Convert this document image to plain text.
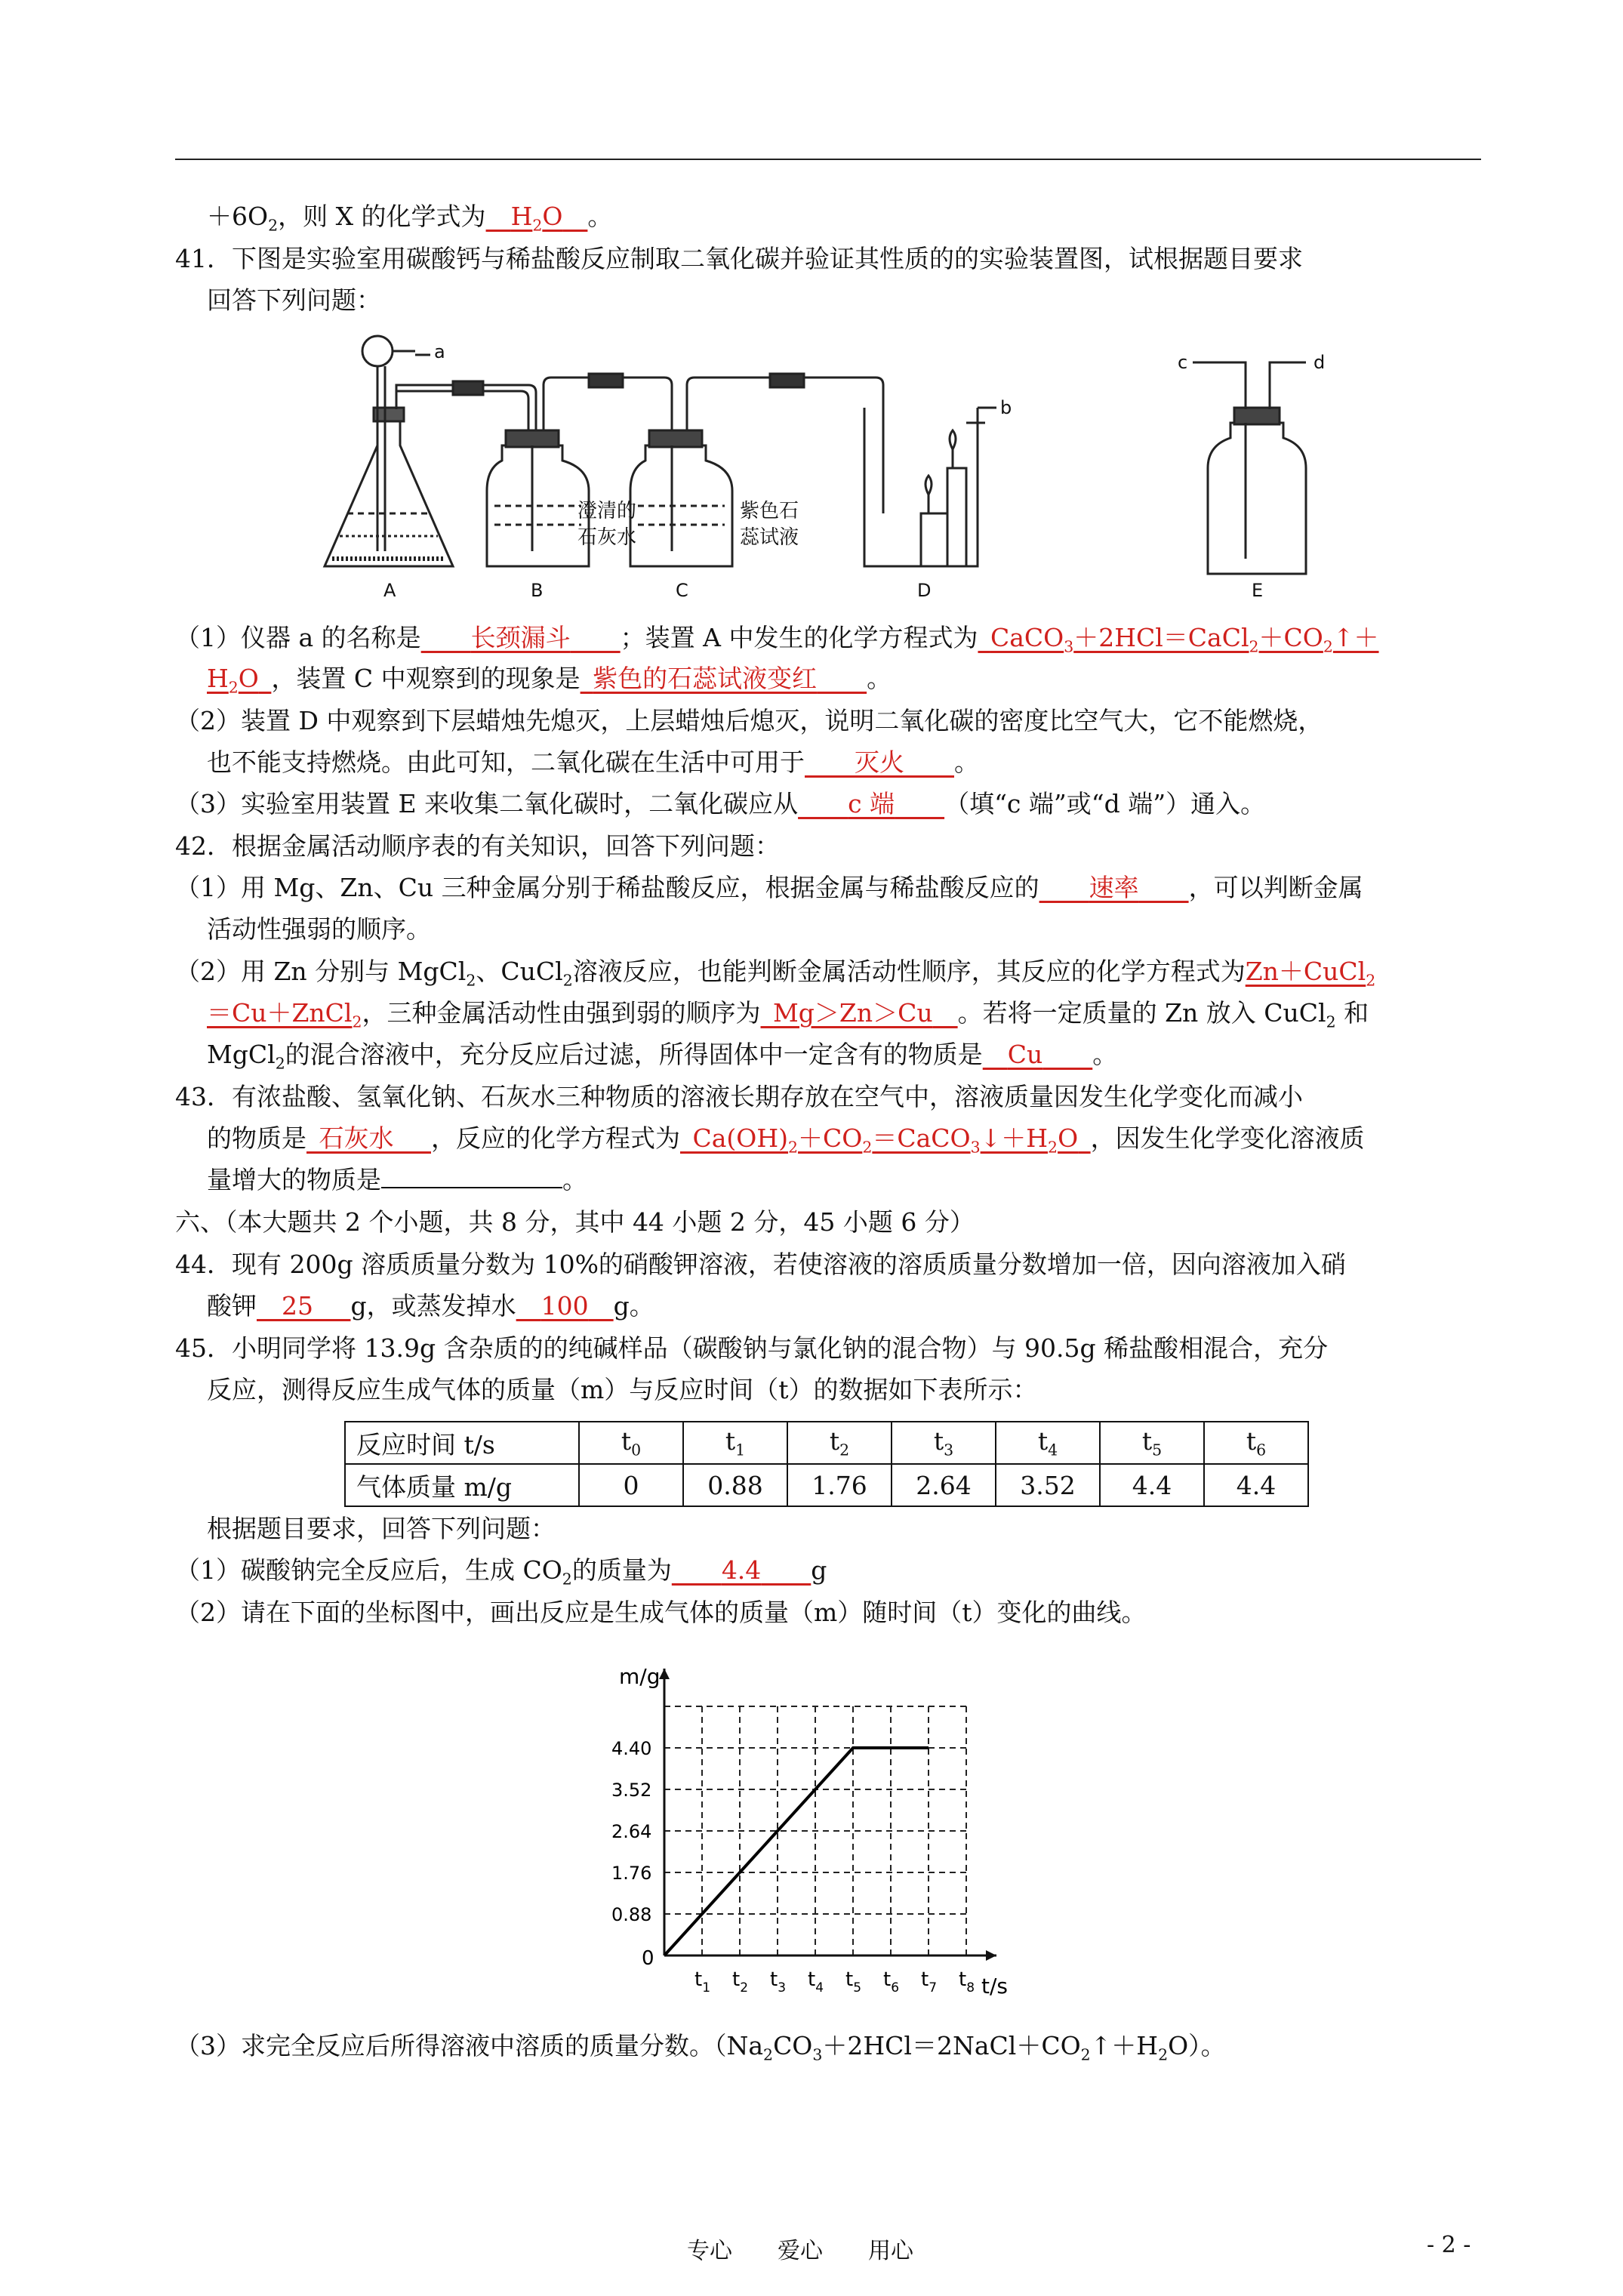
$+6O_2$，则 X 的化学式为  $H_2O$  。
41．下图是实验室用碳酸钙与稀盐酸反应制取二氧化碳并验证其性质的的实验装置图，试根据题目要求
回答下列问题：
a
b
c	d
A	B	C	D	E
澄清的
石灰水
紫色石
蕊试液
（1）仪器 a 的名称是   长颈漏斗   ；装置 A 中发生的化学方程式为  $CaCO_3+2HCl=CaCl_2+CO_2↑+$
$H_2O$  ，装置 C 中观察到的现象是  紫色的石蕊试液变红   。
（2）装置 D 中观察到下层蜡烛先熄灭，上层蜡烛后熄灭，说明二氧化碳的密度比空气大，它不能燃烧，
也不能支持燃烧。由此可知，二氧化碳在生活中可用于   灭火   。
（3）实验室用装置 E 来收集二氧化碳时，二氧化碳应从   c 端   （填“c 端”或“d 端”）通入。
42．根据金属活动顺序表的有关知识，回答下列问题：
（1）用 Mg、Zn、Cu 三种金属分别于稀盐酸反应，根据金属与稀盐酸反应的   速率   ，可以判断金属
活动性强弱的顺序。
（2）用 Zn 分别与 MgCl$_2$、CuCl$_2$溶液反应，也能判断金属活动性顺序，其反应的化学方程式为Zn＋CuCl$_2$
＝Cu＋ZnCl$_2$，三种金属活动性由强到弱的顺序为  Mg＞Zn＞Cu  。若将一定质量的 Zn 放入 CuCl$_2$ 和
MgCl$_2$的混合溶液中，充分反应后过滤，所得固体中一定含有的物质是  Cu   。
43．有浓盐酸、氢氧化钠、石灰水三种物质的溶液长期存放在空气中，溶液质量因发生化学变化而减小
的物质是  石灰水   ，反应的化学方程式为  $Ca(OH)_2+CO_2=CaCO_3↓+H_2O$  ，因发生化学变化溶液质
量增大的物质是	。
六、（本大题共 2 个小题，共 8 分，其中 44 小题 2 分，45 小题 6 分）
44．现有 200g 溶质质量分数为 10%的硝酸钾溶液，若使溶液的溶质质量分数增加一倍，因向溶液加入硝
酸钾  25   g，或蒸发掉水  100  g。
45．小明同学将 13.9g 含杂质的的纯碱样品（碳酸钠与氯化钠的混合物）与 90.5g 稀盐酸相混合，充分
反应，测得反应生成气体的质量（m）与反应时间（t）的数据如下表所示：
反应时间 t/s	$t_0$	$t_1$	$t_2$	$t_3$	$t_4$	$t_5$	$t_6$
气体质量 m/g	0	0.88	1.76	2.64	3.52	4.4	4.4
根据题目要求，回答下列问题：
（1）碳酸钠完全反应后，生成 $CO_2$的质量为   4.4   g
（2）请在下面的坐标图中，画出反应是生成气体的质量（m）随时间（t）变化的曲线。
m/g
t/s
0
0.88
1.76
2.64
3.52
4.40
$t_1$ $t_2$ $t_3$ $t_4$ $t_5$ $t_6$ $t_7$ $t_8$
（3）求完全反应后所得溶液中溶质的质量分数。$(Na_2CO_3+2HCl=2NaCl+CO_2↑+H_2O)$。
专心　　爱心　　用心	- 2 -
